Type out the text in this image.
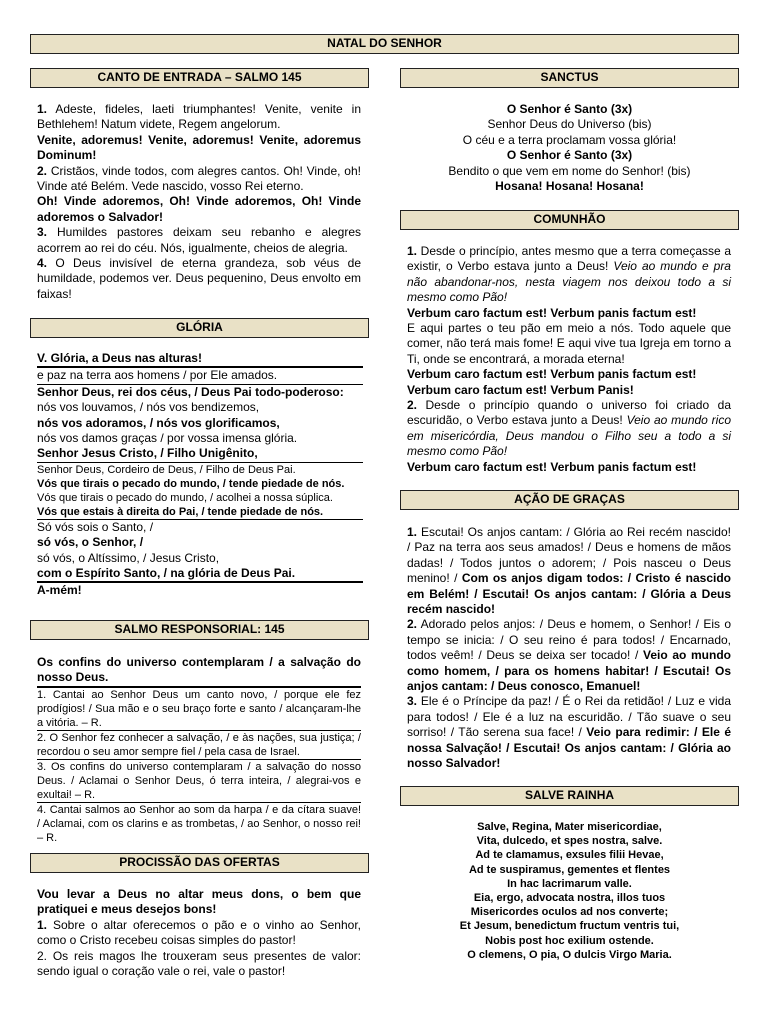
NATAL DO SENHOR
CANTO DE ENTRADA – SALMO 145

1. Adeste, fideles, laeti triumphantes! Venite, venite in Bethlehem! Natum videte, Regem angelorum.

Venite, adoremus! Venite, adoremus! Venite, adoremus Dominum!

2. Cristãos, vinde todos, com alegres cantos. Oh! Vinde, oh! Vinde até Belém. Vede nascido, vosso Rei eterno.

Oh! Vinde adoremos, Oh! Vinde adoremos, Oh! Vinde adoremos o Salvador!

3. Humildes pastores deixam seu rebanho e alegres acorrem ao rei do céu. Nós, igualmente, cheios de alegria.

4. O Deus invisível de eterna grandeza, sob véus de humildade, podemos ver. Deus pequenino, Deus envolto em faixas!

GLÓRIA

V. Glória, a Deus nas alturas!

e paz na terra aos homens / por Ele amados.

Senhor Deus, rei dos céus, / Deus Pai todo-poderoso:

nós vos louvamos, / nós vos bendizemos,

nós vos adoramos, / nós vos glorificamos,

nós vos damos graças / por vossa imensa glória.

Senhor Jesus Cristo, / Filho Unigênito,

Senhor Deus, Cordeiro de Deus, / Filho de Deus Pai.

Vós que tirais o pecado do mundo, / tende piedade de nós.

Vós que tirais o pecado do mundo, / acolhei a nossa súplica.

Vós que estais à direita do Pai, / tende piedade de nós.

Só vós sois o Santo, /

só vós, o Senhor, /

só vós, o Altíssimo, / Jesus Cristo,

com o Espírito Santo, / na glória de Deus Pai.

A-mém!

SALMO RESPONSORIAL: 145

Os confins do universo contemplaram / a salvação do nosso Deus.

1. Cantai ao Senhor Deus um canto novo, / porque ele fez prodígios! / Sua mão e o seu braço forte e santo / alcançaram-lhe a vitória. – R.

2. O Senhor fez conhecer a salvação, / e às nações, sua justiça; / recordou o seu amor sempre fiel / pela casa de Israel.

3. Os confins do universo contemplaram / a salvação do nosso Deus. / Aclamai o Senhor Deus, ó terra inteira, / alegrai-vos e exultai! – R.

4. Cantai salmos ao Senhor ao som da harpa / e da cítara suave! / Aclamai, com os clarins e as trombetas, / ao Senhor, o nosso rei! – R.

PROCISSÃO DAS OFERTAS

Vou levar a Deus no altar meus dons, o bem que pratiquei e meus desejos bons!

1. Sobre o altar oferecemos o pão e o vinho ao Senhor, como o Cristo recebeu coisas simples do pastor!

2. Os reis magos lhe trouxeram seus presentes de valor: sendo igual o coração vale o rei, vale o pastor!

SANCTUS

O Senhor é Santo (3x)

Senhor Deus do Universo (bis)

O céu e a terra proclamam vossa glória!

O Senhor é Santo (3x)

Bendito o que vem em nome do Senhor! (bis)

Hosana! Hosana! Hosana!

COMUNHÃO

1. Desde o princípio, antes mesmo que a terra começasse a existir, o Verbo estava junto a Deus! Veio ao mundo e pra não abandonar-nos, nesta viagem nos deixou todo a si mesmo como Pão!

Verbum caro factum est! Verbum panis factum est!

E aqui partes o teu pão em meio a nós. Todo aquele que comer, não terá mais fome! E aqui vive tua Igreja em torno a Ti, onde se encontrará, a morada eterna!

Verbum caro factum est! Verbum panis factum est!

Verbum caro factum est! Verbum Panis!

2. Desde o princípio quando o universo foi criado da escuridão, o Verbo estava junto a Deus! Veio ao mundo rico em misericórdia, Deus mandou o Filho seu a todo a si mesmo como Pão!

Verbum caro factum est! Verbum panis factum est!

AÇÃO DE GRAÇAS

1. Escutai! Os anjos cantam: / Glória ao Rei recém nascido! / Paz na terra aos seus amados! / Deus e homens de mãos dadas! / Todos juntos o adorem; / Pois nasceu o Deus menino! / Com os anjos digam todos: / Cristo é nascido em Belém! / Escutai! Os anjos cantam: / Glória a Deus recém nascido!

2. Adorado pelos anjos: / Deus e homem, o Senhor! / Eis o tempo se inicia: / O seu reino é para todos! / Encarnado, todos veêm! / Deus se deixa ser tocado! / Veio ao mundo como homem, / para os homens habitar! / Escutai! Os anjos cantam: / Deus conosco, Emanuel!

3. Ele é o Príncipe da paz! / É o Rei da retidão! / Luz e vida para todos! / Ele é a luz na escuridão. / Tão suave o seu sorriso! / Tão serena sua face! / Veio para redimir: / Ele é nossa Salvação! / Escutai! Os anjos cantam: / Glória ao nosso Salvador!

SALVE RAINHA

Salve, Regina, Mater misericordiae,

Vita, dulcedo, et spes nostra, salve.

Ad te clamamus, exsules filii Hevae,

Ad te suspiramus, gementes et flentes

In hac lacrimarum valle.

Eia, ergo, advocata nostra, illos tuos

Misericordes oculos ad nos converte;

Et Jesum, benedictum fructum ventris tui,

Nobis post hoc exilium ostende.

O clemens, O pia, O dulcis Virgo Maria.
